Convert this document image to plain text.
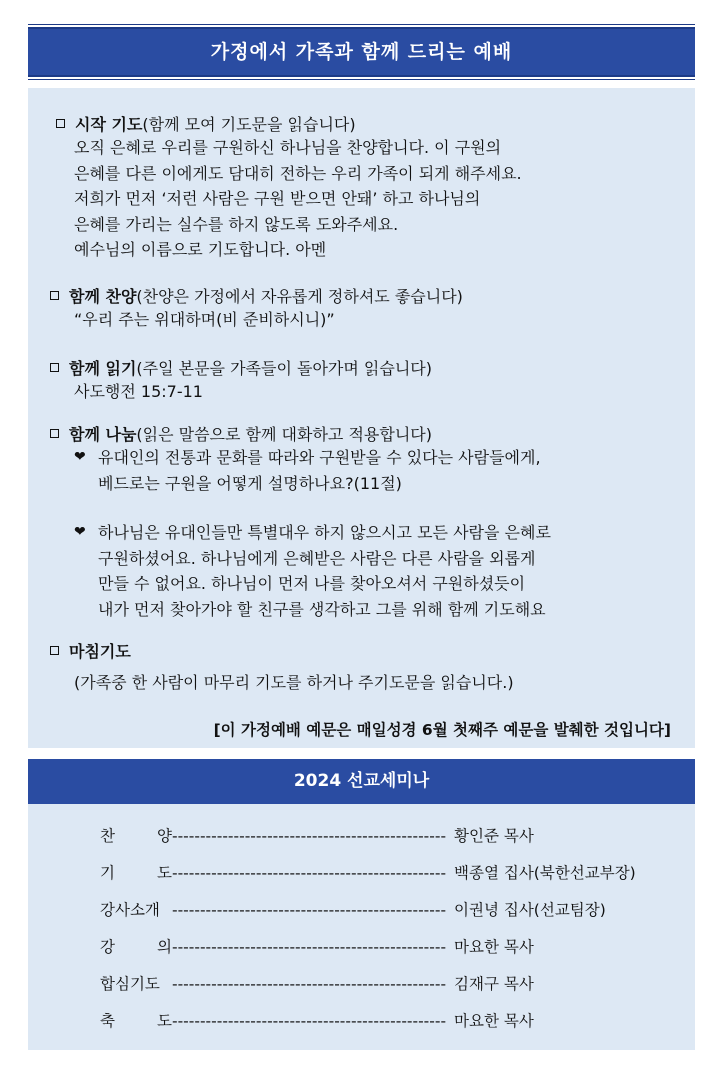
가정에서 가족과 함께 드리는 예배
시작 기도 (함께 모여 기도문을 읽습니다)
오직 은혜로 우리를 구원하신 하나님을 찬양합니다. 이 구원의
은혜를 다른 이에게도 담대히 전하는 우리 가족이 되게 해주세요.
저희가 먼저 ‘저런 사람은 구원 받으면 안돼’ 하고 하나님의
은혜를 가리는 실수를 하지 않도록 도와주세요.
예수님의 이름으로 기도합니다. 아멘
함께 찬양 (찬양은 가정에서 자유롭게 정하셔도 좋습니다)
“우리 주는 위대하며(비 준비하시니)”
함께 읽기 (주일 본문을 가족들이 돌아가며 읽습니다)
사도행전 15:7-11
함께 나눔 (읽은 말씀으로 함께 대화하고 적용합니다)
❤ 유대인의 전통과 문화를 따라와 구원받을 수 있다는 사람들에게,
베드로는 구원을 어떻게 설명하나요?(11절)
❤ 하나님은 유대인들만 특별대우 하지 않으시고 모든 사람을 은혜로
구원하셨어요. 하나님에게 은혜받은 사람은 다른 사람을 외롭게
만들 수 없어요. 하나님이 먼저 나를 찾아오셔서 구원하셨듯이
내가 먼저 찾아가야 할 친구를 생각하고 그를 위해 함께 기도해요
마침기도
(가족중 한 사람이 마무리 기도를 하거나 주기도문을 읽습니다.)
[이 가정예배 예문은 매일성경 6월 첫째주 예문을 발췌한 것입니다]
2024 선교세미나
찬	양 ------------------------------------------------- 황인준 목사
기	도 ------------------------------------------------- 백종열 집사(북한선교부장)
강사소개 ------------------------------------------------- 이권녕 집사(선교팀장)
강	의 ------------------------------------------------- 마요한 목사
합심기도 ------------------------------------------------- 김재구 목사
축	도 ------------------------------------------------- 마요한 목사
